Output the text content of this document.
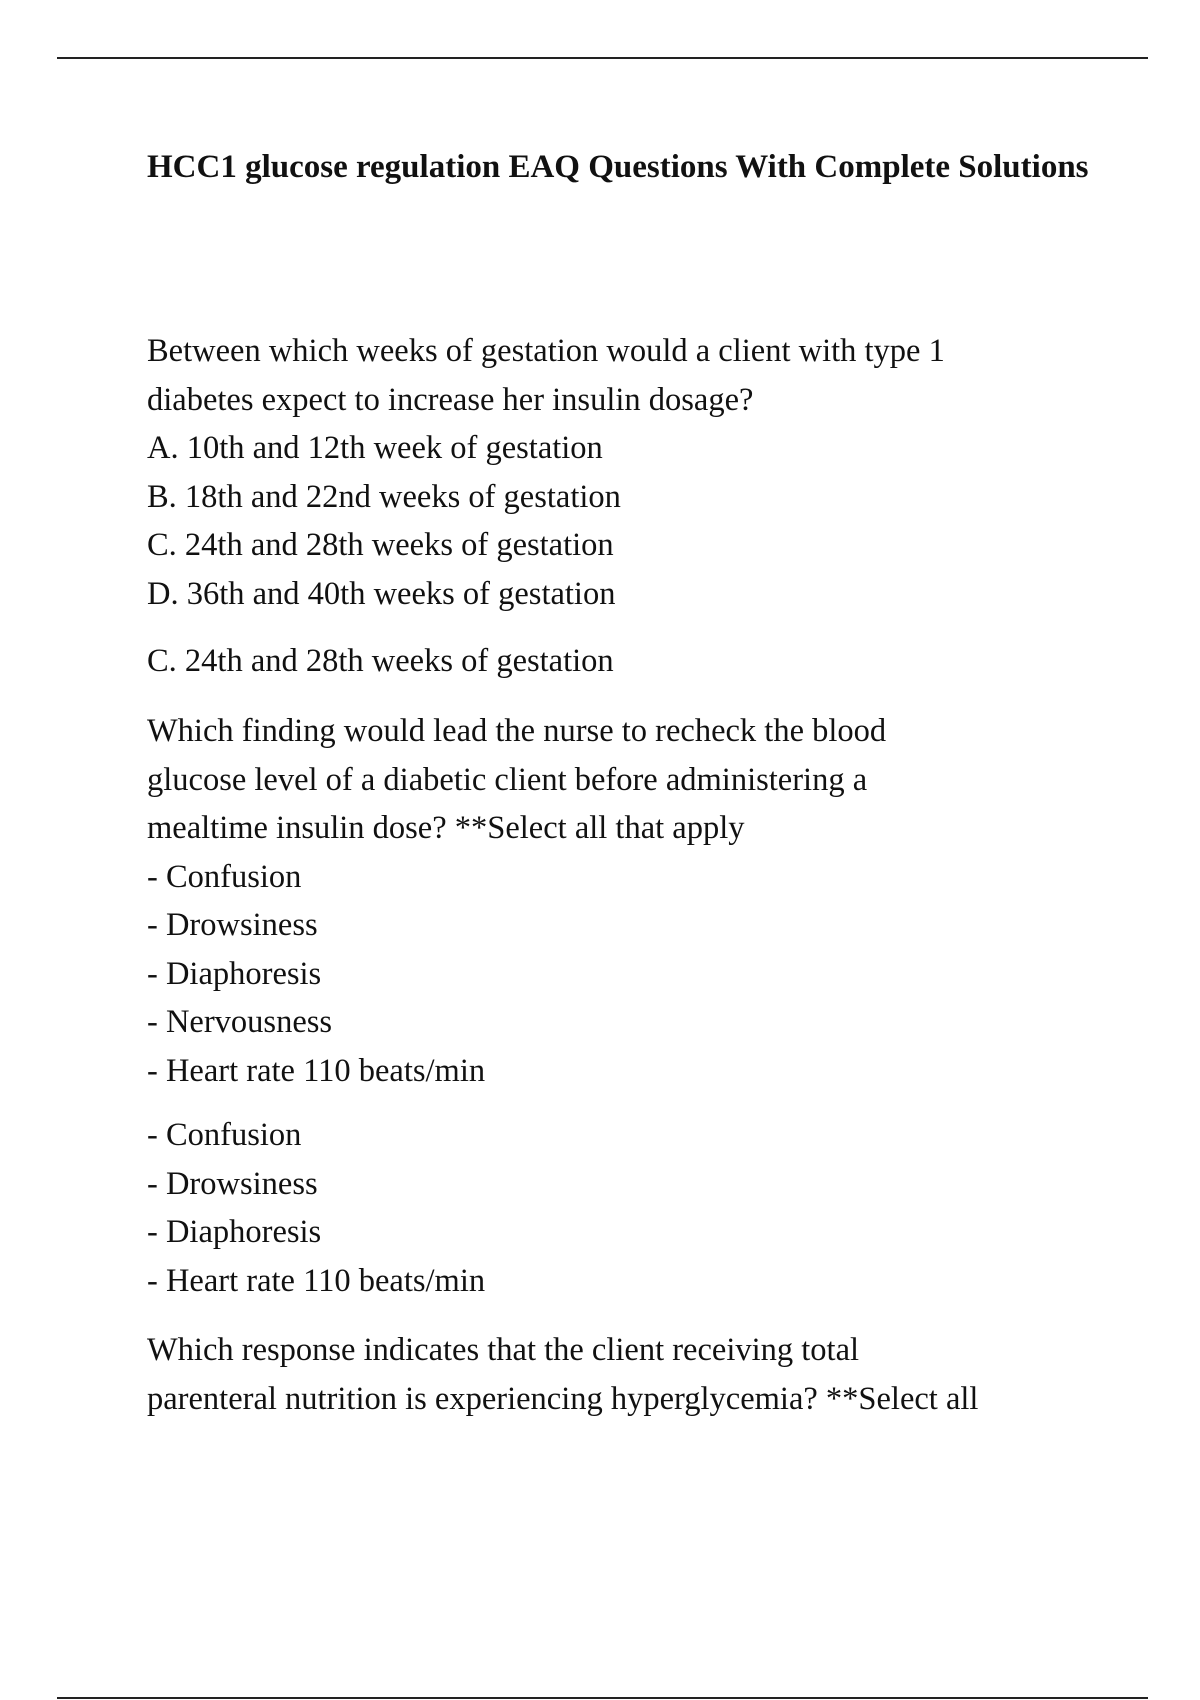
HCC1 glucose regulation EAQ Questions With Complete Solutions
Between which weeks of gestation would a client with type 1
diabetes expect to increase her insulin dosage?
A. 10th and 12th week of gestation
B. 18th and 22nd weeks of gestation
C. 24th and 28th weeks of gestation
D. 36th and 40th weeks of gestation
C. 24th and 28th weeks of gestation
Which finding would lead the nurse to recheck the blood
glucose level of a diabetic client before administering a
mealtime insulin dose? **Select all that apply
- Confusion
- Drowsiness
- Diaphoresis
- Nervousness
- Heart rate 110 beats/min
- Confusion
- Drowsiness
- Diaphoresis
- Heart rate 110 beats/min
Which response indicates that the client receiving total
parenteral nutrition is experiencing hyperglycemia? **Select all
